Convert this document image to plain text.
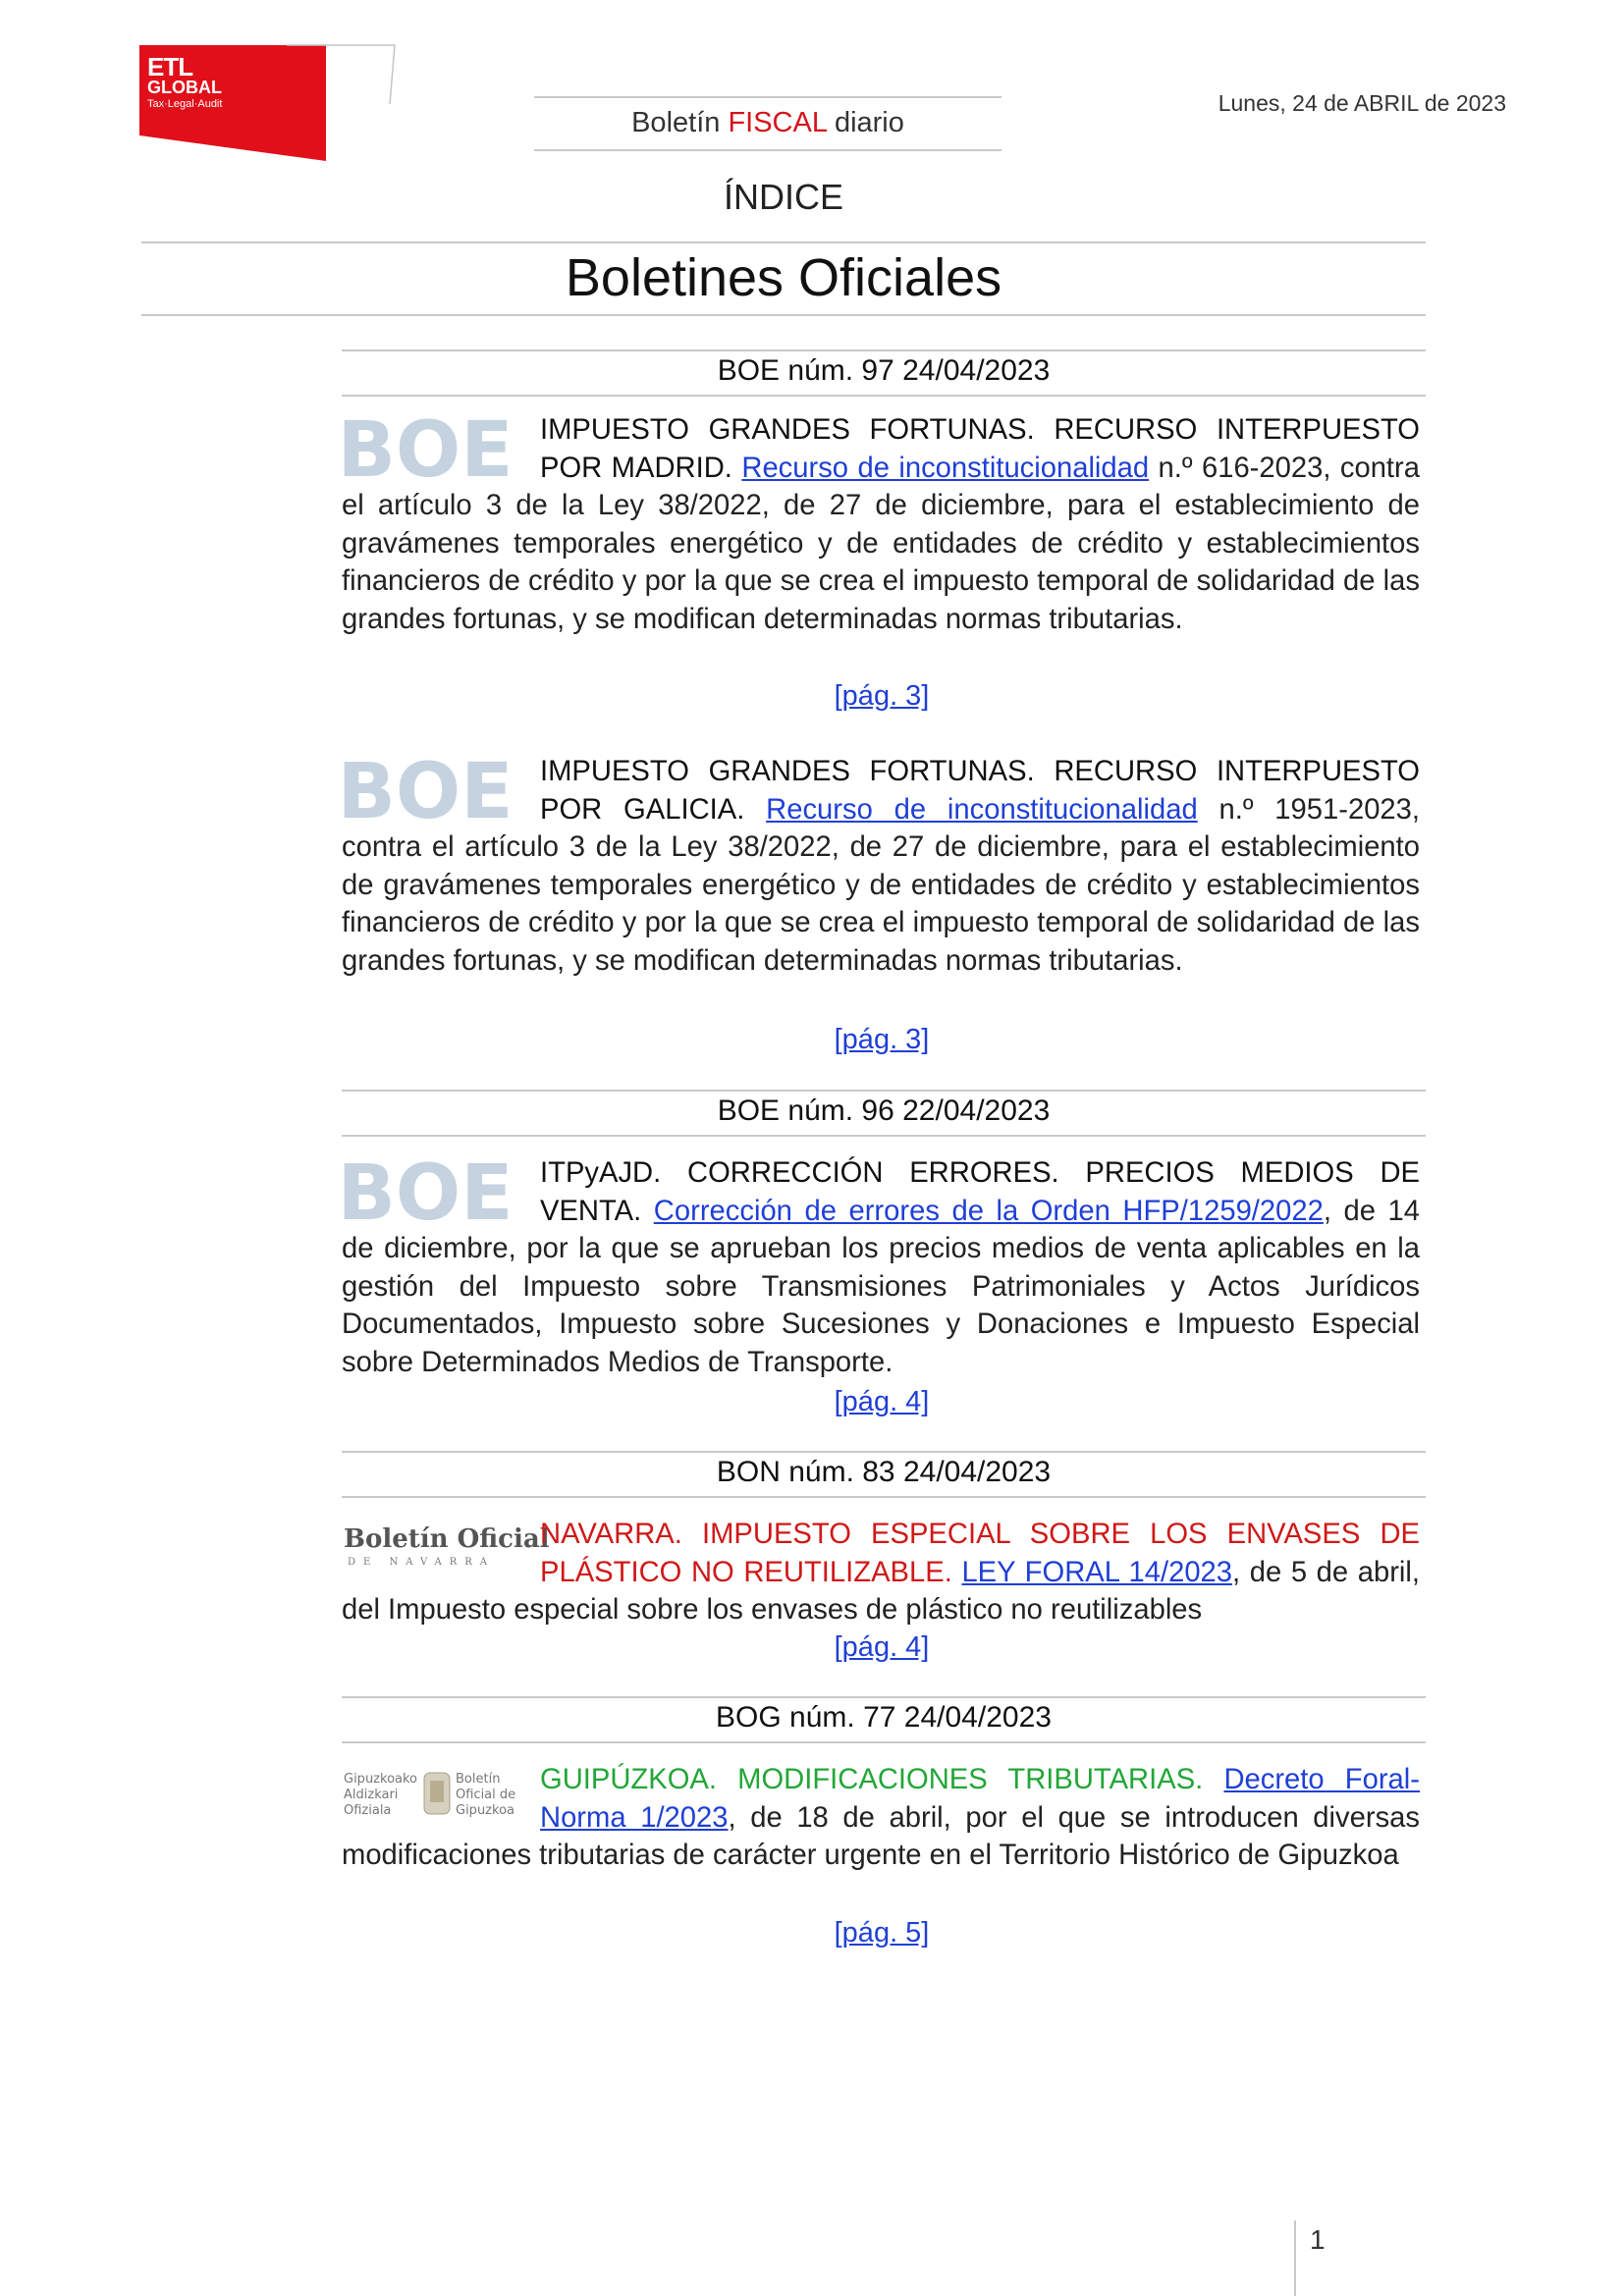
ETL
GLOBAL
Tax·Legal·Audit
Boletín FISCAL diario
Lunes, 24 de ABRIL de 2023
ÍNDICE
Boletines Oficiales
BOE núm. 97 24/04/2023
BOE IMPUESTO GRANDES FORTUNAS. RECURSO INTERPUESTO POR MADRID. Recurso de inconstitucionalidad n.º 616-2023, contra el artículo 3 de la Ley 38/2022, de 27 de diciembre, para el establecimiento de gravámenes temporales energético y de entidades de crédito y establecimientos financieros de crédito y por la que se crea el impuesto temporal de solidaridad de las grandes fortunas, y se modifican determinadas normas tributarias.
[pág. 3]
BOE IMPUESTO GRANDES FORTUNAS. RECURSO INTERPUESTO POR GALICIA. Recurso de inconstitucionalidad n.º 1951-2023, contra el artículo 3 de la Ley 38/2022, de 27 de diciembre, para el establecimiento de gravámenes temporales energético y de entidades de crédito y establecimientos financieros de crédito y por la que se crea el impuesto temporal de solidaridad de las grandes fortunas, y se modifican determinadas normas tributarias.
[pág. 3]
BOE núm. 96 22/04/2023
BOE ITPyAJD. CORRECCIÓN ERRORES. PRECIOS MEDIOS DE VENTA. Corrección de errores de la Orden HFP/1259/2022, de 14 de diciembre, por la que se aprueban los precios medios de venta aplicables en la gestión del Impuesto sobre Transmisiones Patrimoniales y Actos Jurídicos Documentados, Impuesto sobre Sucesiones y Donaciones e Impuesto Especial sobre Determinados Medios de Transporte.
[pág. 4]
BON núm. 83 24/04/2023
Boletín Oficial
DE NAVARRA
NAVARRA. IMPUESTO ESPECIAL SOBRE LOS ENVASES DE PLÁSTICO NO REUTILIZABLE. LEY FORAL 14/2023, de 5 de abril, del Impuesto especial sobre los envases de plástico no reutilizables
[pág. 4]
BOG núm. 77 24/04/2023
Gipuzkoako
Aldizkari
Ofiziala
Boletín
Oficial de
Gipuzkoa
GUIPÚZKOA. MODIFICACIONES TRIBUTARIAS. Decreto Foral-Norma 1/2023, de 18 de abril, por el que se introducen diversas modificaciones tributarias de carácter urgente en el Territorio Histórico de Gipuzkoa
[pág. 5]
1
